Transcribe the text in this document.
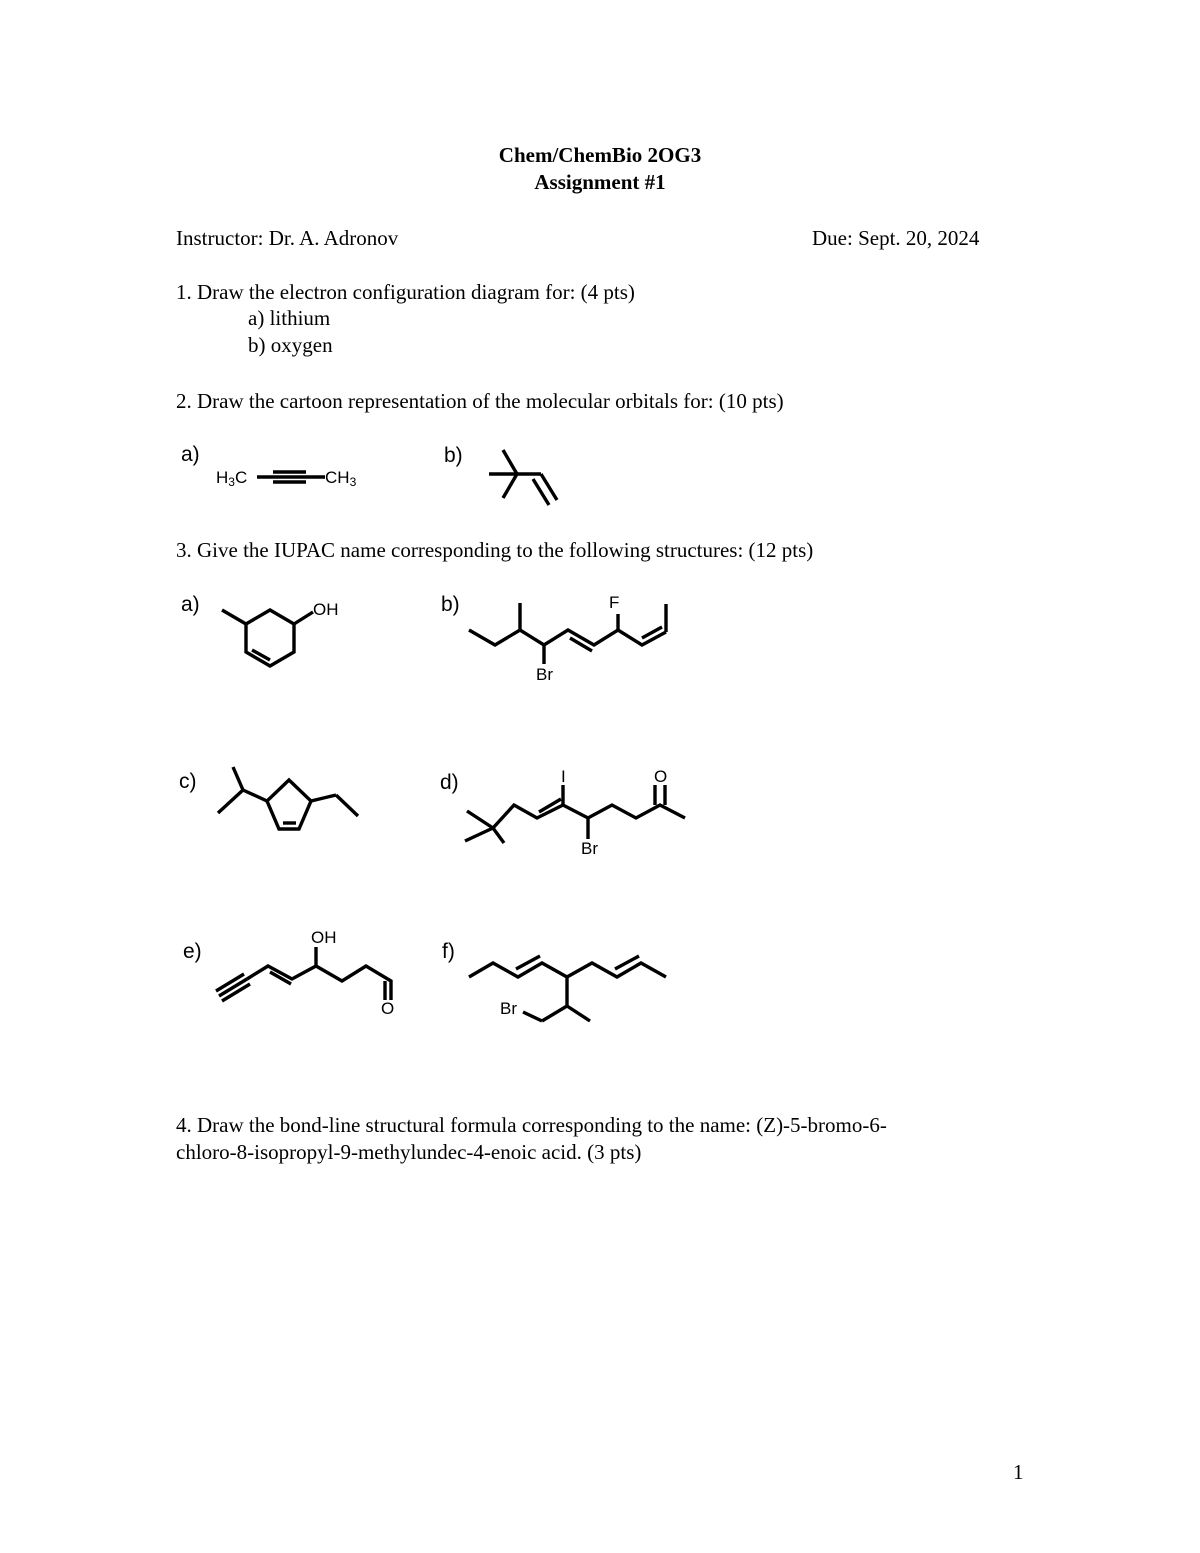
Chem/ChemBio 2OG3
Assignment #1
Instructor: Dr. A. Adronov	Due: Sept. 20, 2024
1. Draw the electron configuration diagram for: (4 pts)
a) lithium
b) oxygen
2. Draw the cartoon representation of the molecular orbitals for: (10 pts)
a)
$H_3C$	$CH_3$
b)
3. Give the IUPAC name corresponding to the following structures: (12 pts)
a)	OH	b)	F
Br
c)	d)	I	O
Br
e)
OH
O
f)
Br
4. Draw the bond-line structural formula corresponding to the name: (Z)-5-bromo-6-
chloro-8-isopropyl-9-methylundec-4-enoic acid. (3 pts)
1
